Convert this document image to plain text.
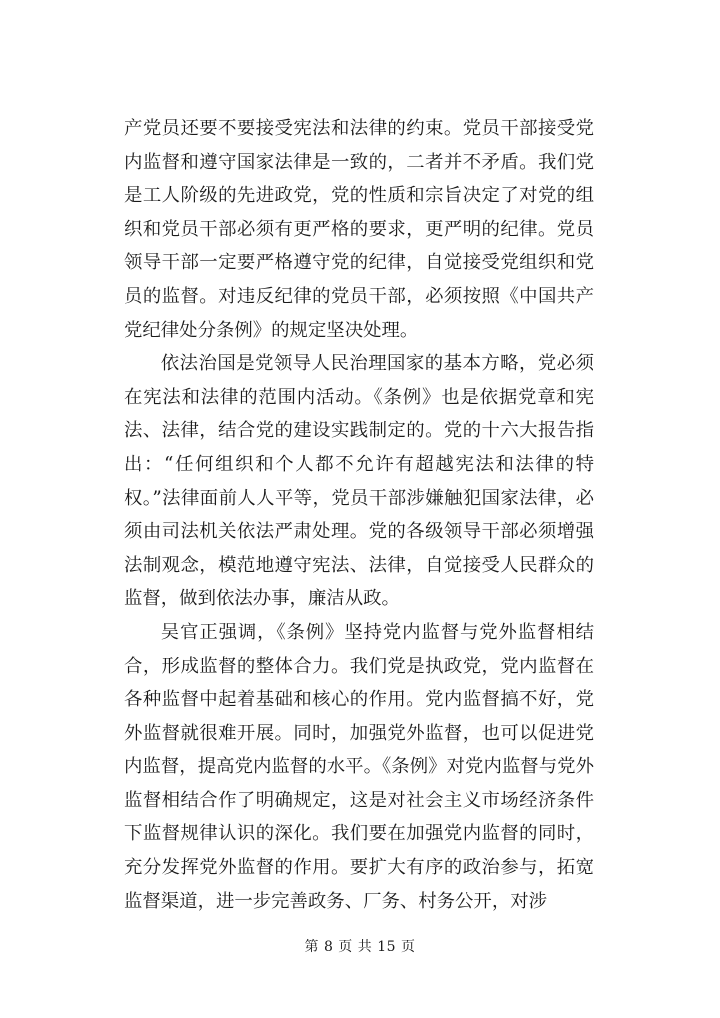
产党员还要不要接受宪法和法律的约束。党员干部接受党内监督和遵守国家法律是一致的，二者并不矛盾。我们党是工人阶级的先进政党，党的性质和宗旨决定了对党的组织和党员干部必须有更严格的要求，更严明的纪律。党员领导干部一定要严格遵守党的纪律，自觉接受党组织和党员的监督。对违反纪律的党员干部，必须按照《中国共产党纪律处分条例》的规定坚决处理。

依法治国是党领导人民治理国家的基本方略，党必须在宪法和法律的范围内活动。《条例》也是依据党章和宪法、法律，结合党的建设实践制定的。党的十六大报告指出：“任何组织和个人都不允许有超越宪法和法律的特权。”法律面前人人平等，党员干部涉嫌触犯国家法律，必须由司法机关依法严肃处理。党的各级领导干部必须增强法制观念，模范地遵守宪法、法律，自觉接受人民群众的监督，做到依法办事，廉洁从政。

吴官正强调，《条例》坚持党内监督与党外监督相结合，形成监督的整体合力。我们党是执政党，党内监督在各种监督中起着基础和核心的作用。党内监督搞不好，党外监督就很难开展。同时，加强党外监督，也可以促进党内监督，提高党内监督的水平。《条例》对党内监督与党外监督相结合作了明确规定，这是对社会主义市场经济条件下监督规律认识的深化。我们要在加强党内监督的同时，充分发挥党外监督的作用。要扩大有序的政治参与，拓宽监督渠道，进一步完善政务、厂务、村务公开，对涉

第 8 页 共 15 页
